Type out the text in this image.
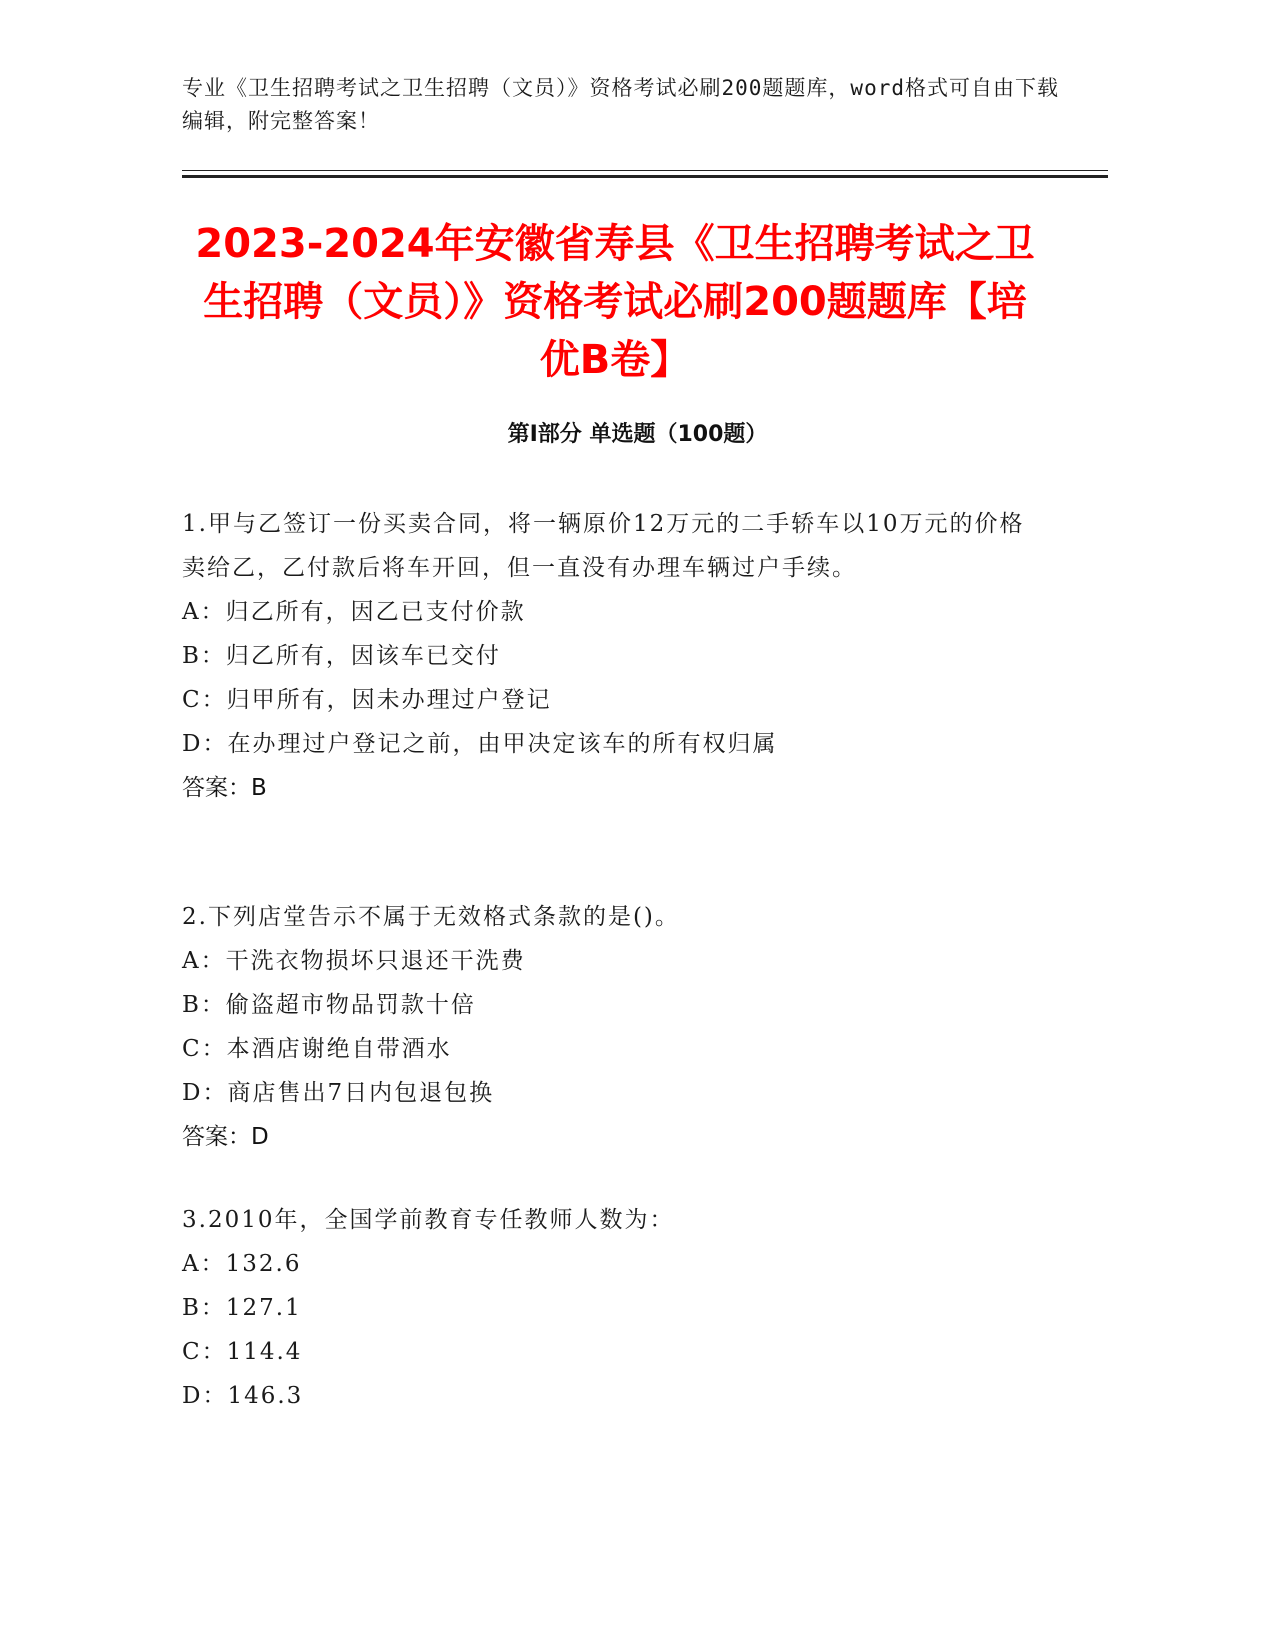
专业《卫生招聘考试之卫生招聘（文员）》资格考试必刷200题题库，word格式可自由下载编辑，附完整答案！
2023-2024年安徽省寿县《卫生招聘考试之卫生招聘（文员）》资格考试必刷200题题库【培优B卷】
第I部分 单选题（100题）
1.甲与乙签订一份买卖合同，将一辆原价12万元的二手轿车以10万元的价格卖给乙，乙付款后将车开回，但一直没有办理车辆过户手续。
A：归乙所有，因乙已支付价款
B：归乙所有，因该车已交付
C：归甲所有，因未办理过户登记
D：在办理过户登记之前，由甲决定该车的所有权归属
答案：B
2.下列店堂告示不属于无效格式条款的是()。
A：干洗衣物损坏只退还干洗费
B：偷盗超市物品罚款十倍
C：本酒店谢绝自带酒水
D：商店售出7日内包退包换
答案：D
3.2010年，全国学前教育专任教师人数为：
A：132.6
B：127.1
C：114.4
D：146.3
